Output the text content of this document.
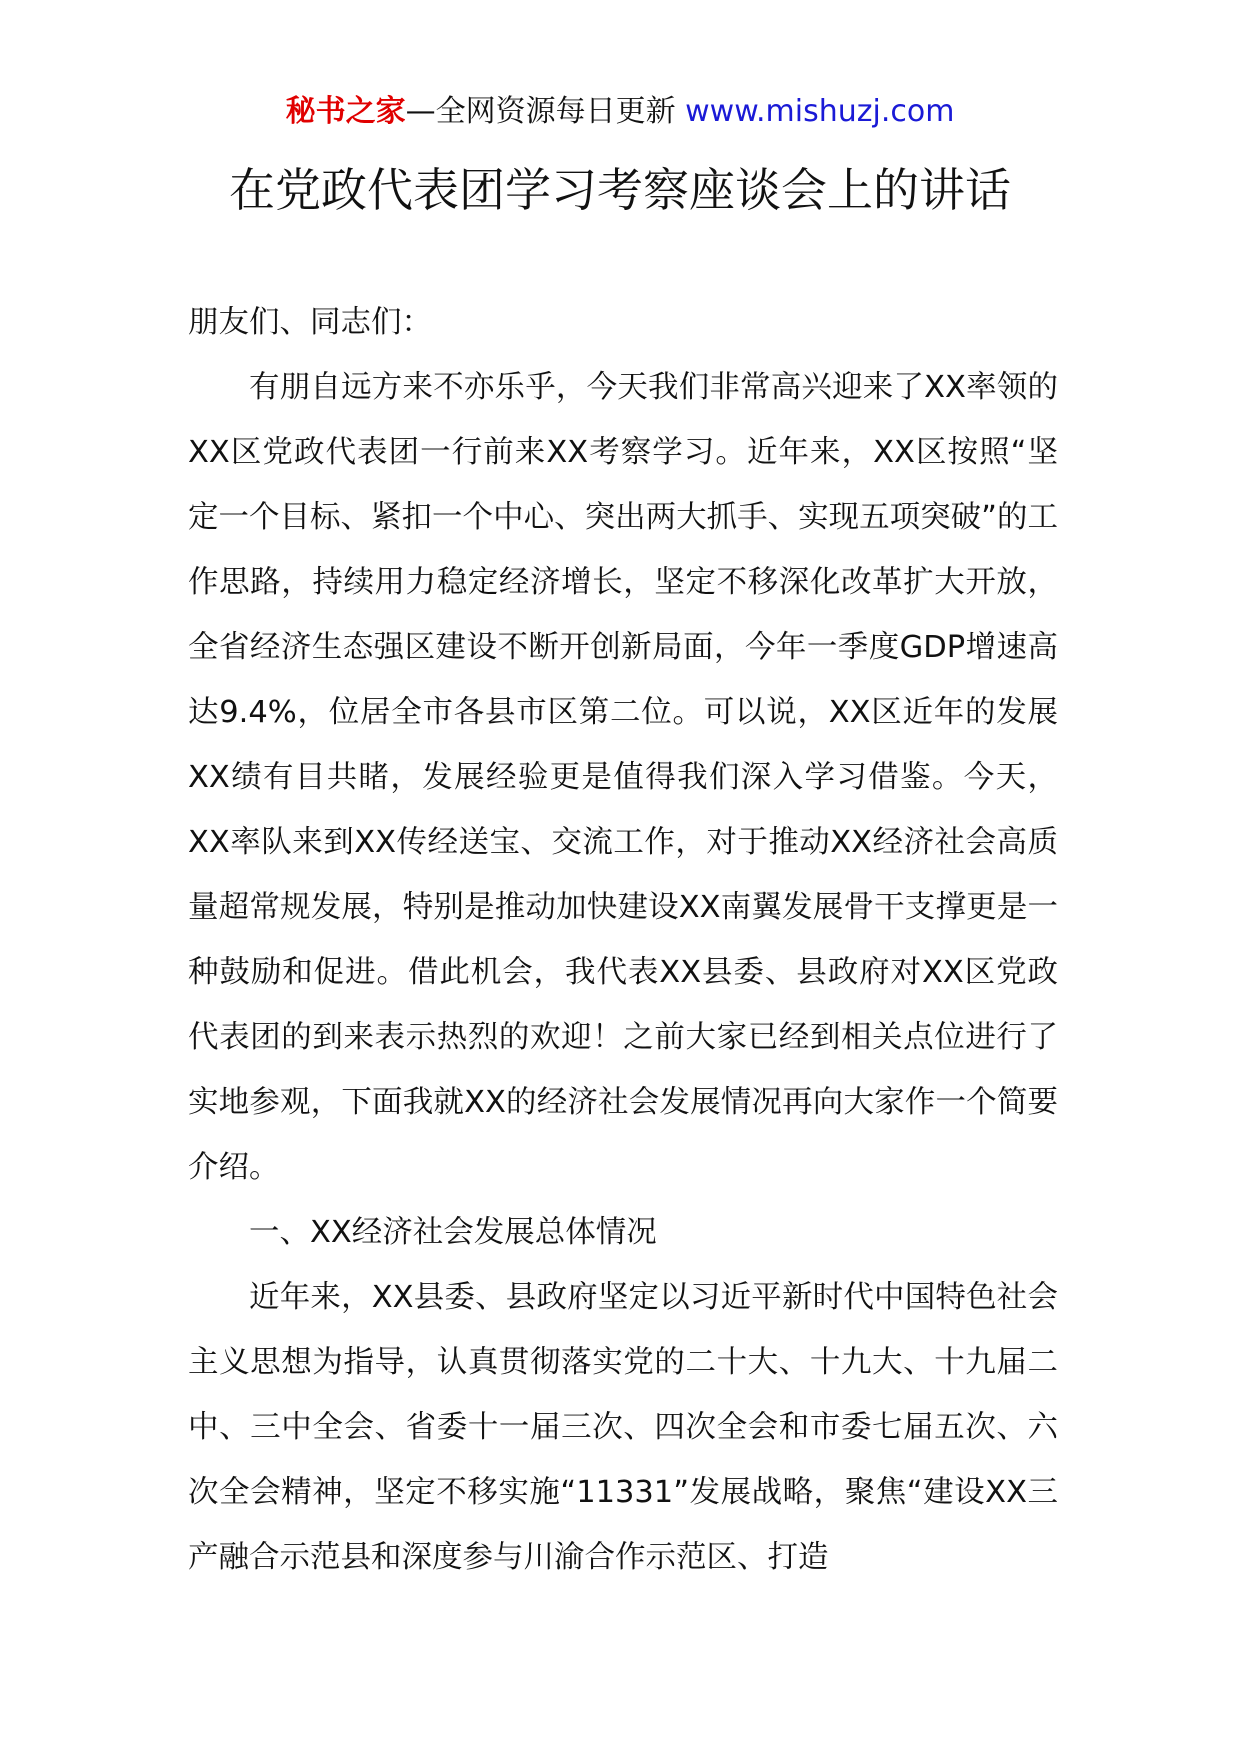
秘书之家—全网资源每日更新 www.mishuzj.com
在党政代表团学习考察座谈会上的讲话

朋友们、同志们：

有朋自远方来不亦乐乎，今天我们非常高兴迎来了XX率领的XX区党政代表团一行前来XX考察学习。近年来，XX区按照“坚定一个目标、紧扣一个中心、突出两大抓手、实现五项突破”的工作思路，持续用力稳定经济增长，坚定不移深化改革扩大开放，全省经济生态强区建设不断开创新局面，今年一季度GDP增速高达9.4%，位居全市各县市区第二位。可以说，XX区近年的发展XX绩有目共睹，发展经验更是值得我们深入学习借鉴。今天，XX率队来到XX传经送宝、交流工作，对于推动XX经济社会高质量超常规发展，特别是推动加快建设XX南翼发展骨干支撑更是一种鼓励和促进。借此机会，我代表XX县委、县政府对XX区党政代表团的到来表示热烈的欢迎！之前大家已经到相关点位进行了实地参观，下面我就XX的经济社会发展情况再向大家作一个简要介绍。

一、XX经济社会发展总体情况

近年来，XX县委、县政府坚定以习近平新时代中国特色社会主义思想为指导，认真贯彻落实党的二十大、十九大、十九届二中、三中全会、省委十一届三次、四次全会和市委七届五次、六次全会精神，坚定不移实施“11331”发展战略，聚焦“建设XX三产融合示范县和深度参与川渝合作示范区、打造
